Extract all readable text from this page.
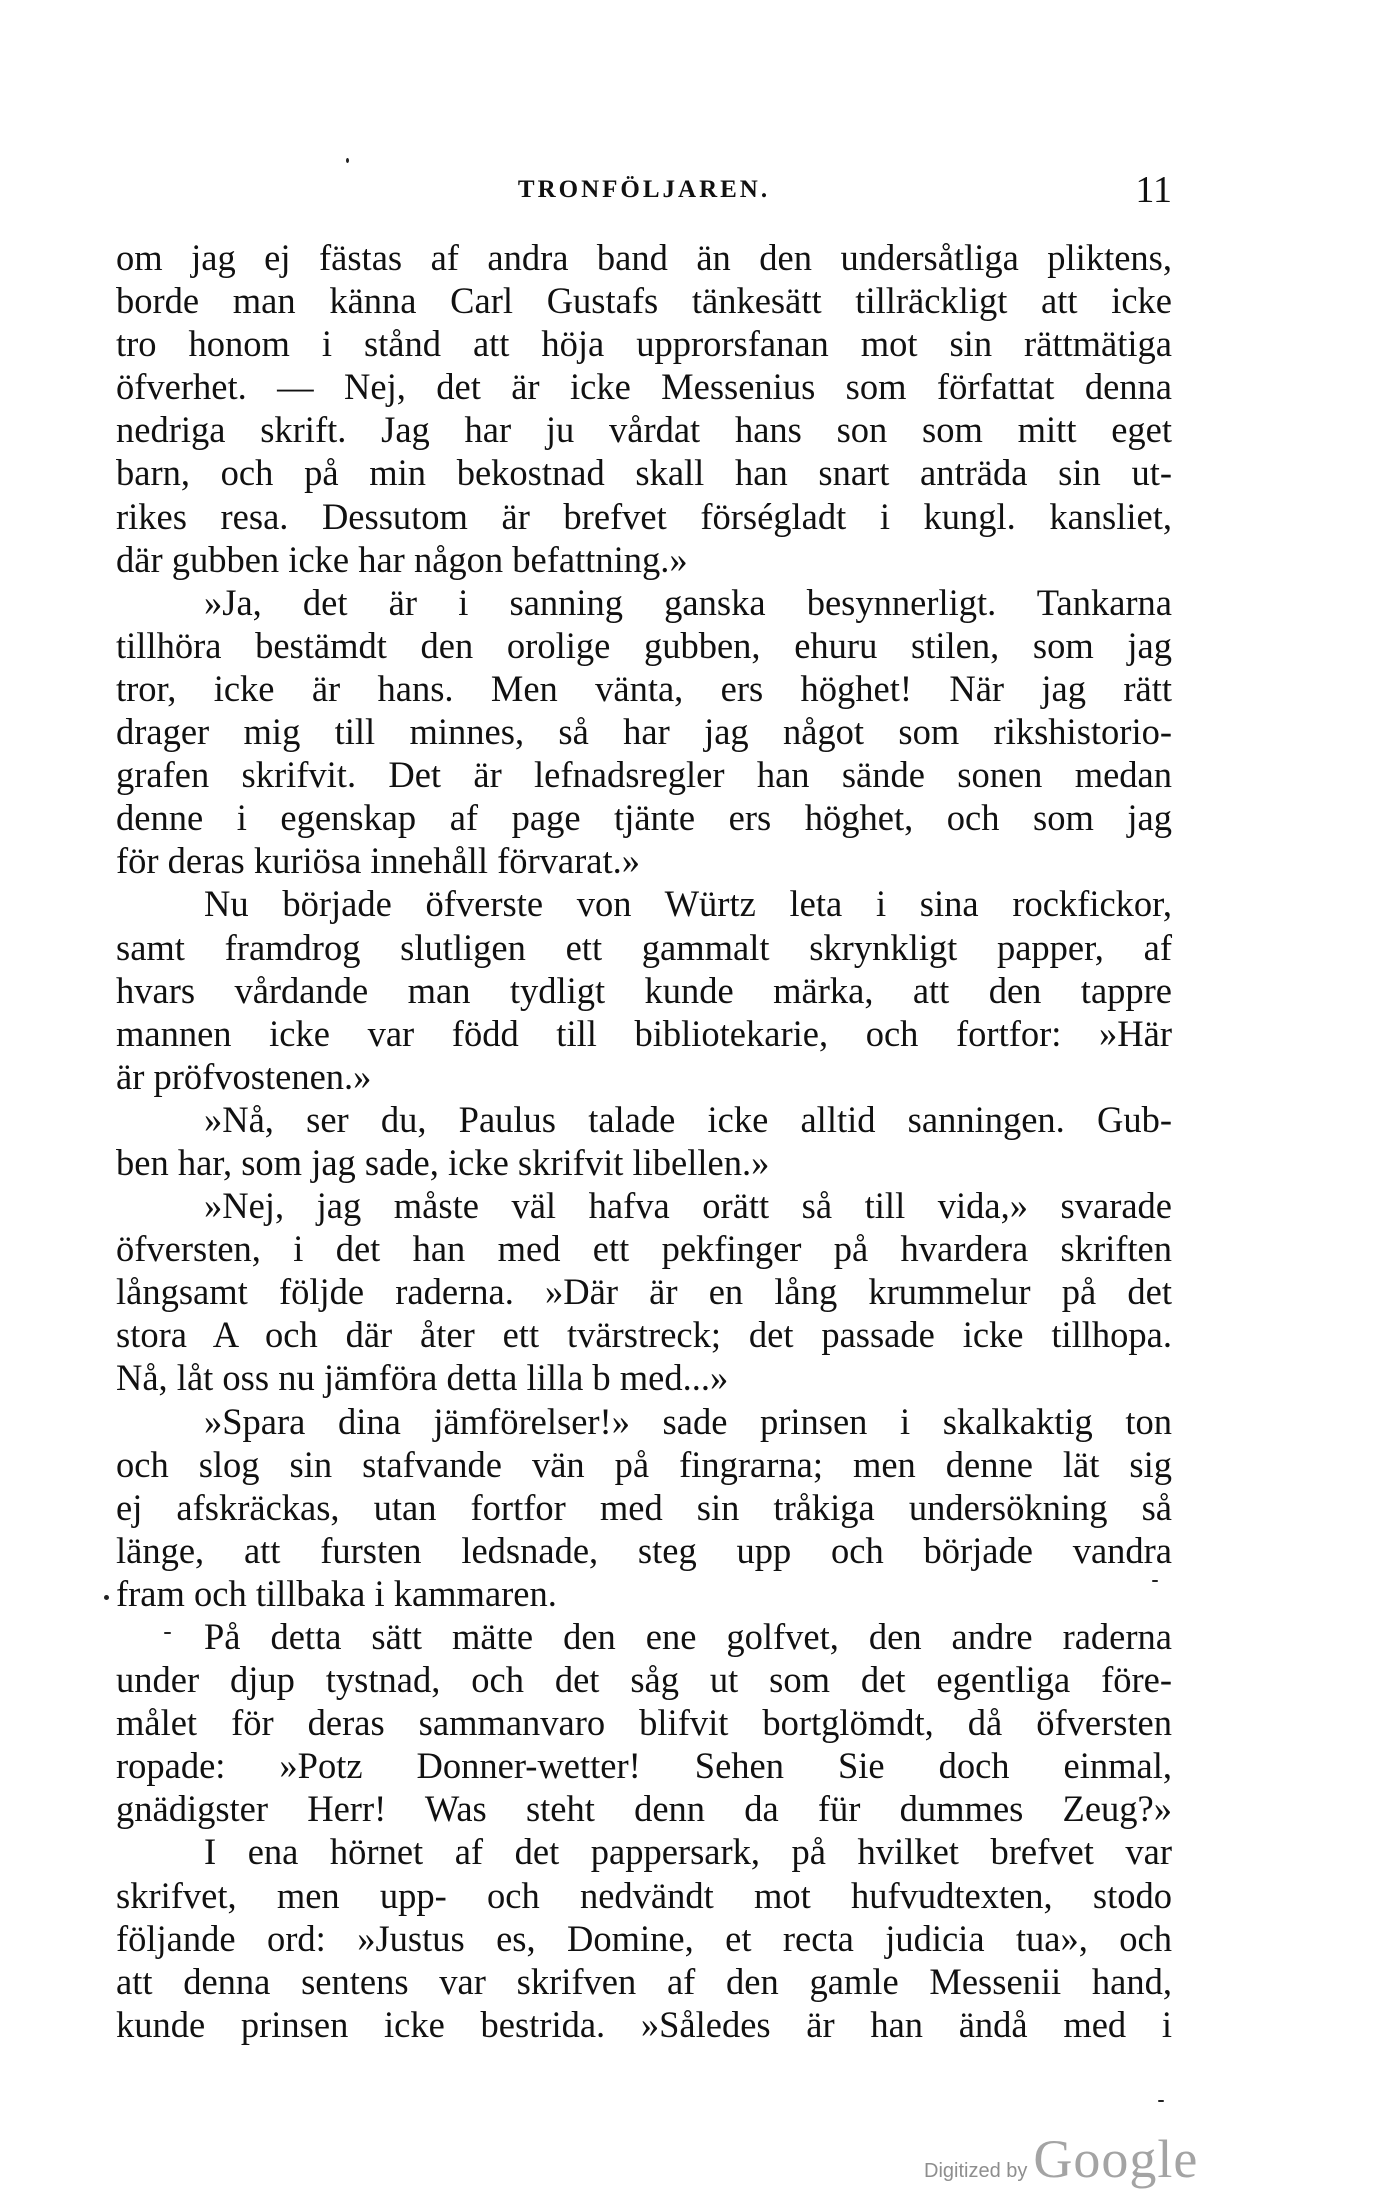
TRONFÖLJAREN.	11
om jag ej fästas af andra band än den undersåtliga pliktens,
borde man känna Carl Gustafs tänkesätt tillräckligt att icke
tro honom i stånd att höja upprorsfanan mot sin rättmätiga
öfverhet. — Nej, det är icke Messenius som författat denna
nedriga skrift. Jag har ju vårdat hans son som mitt eget
barn, och på min bekostnad skall han snart anträda sin ut-
rikes resa. Dessutom är brefvet förségladt i kungl. kansliet,
där gubben icke har någon befattning.»
»Ja, det är i sanning ganska besynnerligt. Tankarna
tillhöra bestämdt den orolige gubben, ehuru stilen, som jag
tror, icke är hans. Men vänta, ers höghet! När jag rätt
drager mig till minnes, så har jag något som rikshistorio-
grafen skrifvit. Det är lefnadsregler han sände sonen medan
denne i egenskap af page tjänte ers höghet, och som jag
för deras kuriösa innehåll förvarat.»
Nu började öfverste von Würtz leta i sina rockfickor,
samt framdrog slutligen ett gammalt skrynkligt papper, af
hvars vårdande man tydligt kunde märka, att den tappre
mannen icke var född till bibliotekarie, och fortfor: »Här
är pröfvostenen.»
»Nå, ser du, Paulus talade icke alltid sanningen. Gub-
ben har, som jag sade, icke skrifvit libellen.»
»Nej, jag måste väl hafva orätt så till vida,» svarade
öfversten, i det han med ett pekfinger på hvardera skriften
långsamt följde raderna. »Där är en lång krummelur på det
stora A och där åter ett tvärstreck; det passade icke tillhopa.
Nå, låt oss nu jämföra detta lilla b med...»
»Spara dina jämförelser!» sade prinsen i skalkaktig ton
och slog sin stafvande vän på fingrarna; men denne lät sig
ej afskräckas, utan fortfor med sin tråkiga undersökning så
länge, att fursten ledsnade, steg upp och började vandra
fram och tillbaka i kammaren.
På detta sätt mätte den ene golfvet, den andre raderna
under djup tystnad, och det såg ut som det egentliga före-
målet för deras sammanvaro blifvit bortglömdt, då öfversten
ropade: »Potz Donner-wetter! Sehen Sie doch einmal,
gnädigster Herr! Was steht denn da für dummes Zeug?»
I ena hörnet af det pappersark, på hvilket brefvet var
skrifvet, men upp- och nedvändt mot hufvudtexten, stodo
följande ord: »Justus es, Domine, et recta judicia tua», och
att denna sentens var skrifven af den gamle Messenii hand,
kunde prinsen icke bestrida. »Således är han ändå med i
Digitized by Google
